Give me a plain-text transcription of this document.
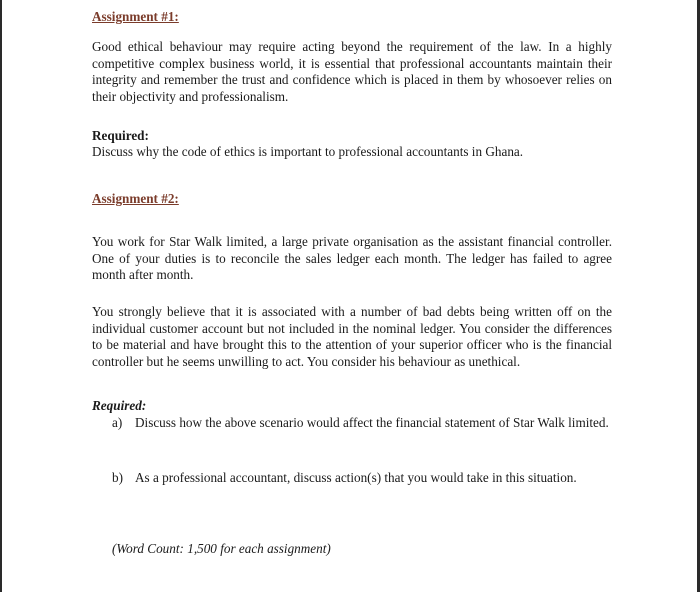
Assignment #1:

Good ethical behaviour may require acting beyond the requirement of the law. In a highly competitive complex business world, it is essential that professional accountants maintain their integrity and remember the trust and confidence which is placed in them by whosoever relies on their objectivity and professionalism.

Required:

Discuss why the code of ethics is important to professional accountants in Ghana.

Assignment #2:

You work for Star Walk limited, a large private organisation as the assistant financial controller. One of your duties is to reconcile the sales ledger each month. The ledger has failed to agree month after month.

You strongly believe that it is associated with a number of bad debts being written off on the individual customer account but not included in the nominal ledger. You consider the differences to be material and have brought this to the attention of your superior officer who is the financial controller but he seems unwilling to act. You consider his behaviour as unethical.

Required:

a) Discuss how the above scenario would affect the financial statement of Star Walk limited.
b) As a professional accountant, discuss action(s) that you would take in this situation.

(Word Count: 1,500 for each assignment)
